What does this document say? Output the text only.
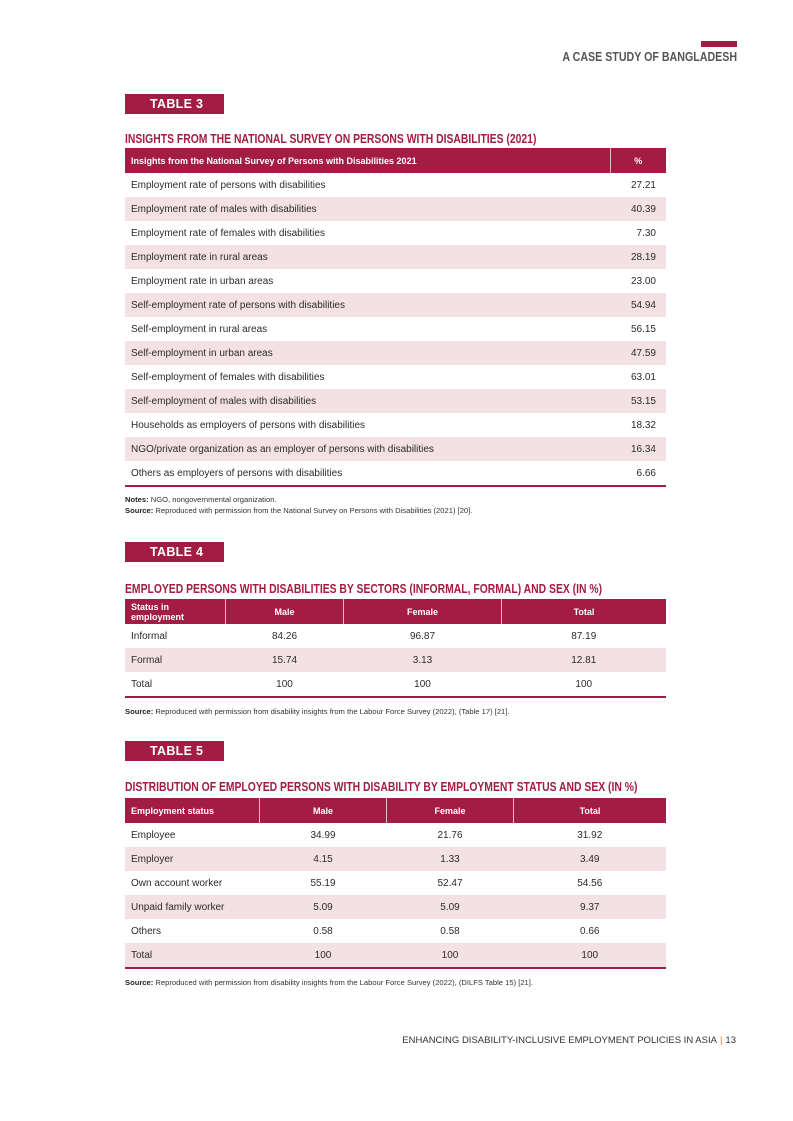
A CASE STUDY OF BANGLADESH
TABLE 3
INSIGHTS FROM THE NATIONAL SURVEY ON PERSONS WITH DISABILITIES (2021)
Insights from the National Survey of Persons with Disabilities 2021	%
Employment rate of persons with disabilities	27.21
Employment rate of males with disabilities	40.39
Employment rate of females with disabilities	7.30
Employment rate in rural areas	28.19
Employment rate in urban areas	23.00
Self-employment rate of persons with disabilities	54.94
Self-employment in rural areas	56.15
Self-employment in urban areas	47.59
Self-employment of females with disabilities	63.01
Self-employment of males with disabilities	53.15
Households as employers of persons with disabilities	18.32
NGO/private organization as an employer of persons with disabilities	16.34
Others as employers of persons with disabilities	6.66
Notes: NGO, nongovernmental organization.
Source: Reproduced with permission from the National Survey on Persons with Disabilities (2021) [20].
TABLE 4
EMPLOYED PERSONS WITH DISABILITIES BY SECTORS (INFORMAL, FORMAL) AND SEX (IN %)
Status in employment	Male	Female	Total
Informal	84.26	96.87	87.19
Formal	15.74	3.13	12.81
Total	100	100	100
Source: Reproduced with permission from disability insights from the Labour Force Survey (2022), (Table 17) [21].
TABLE 5
DISTRIBUTION OF EMPLOYED PERSONS WITH DISABILITY BY EMPLOYMENT STATUS AND SEX (IN %)
Employment status	Male	Female	Total
Employee	34.99	21.76	31.92
Employer	4.15	1.33	3.49
Own account worker	55.19	52.47	54.56
Unpaid family worker	5.09	5.09	9.37
Others	0.58	0.58	0.66
Total	100	100	100
Source: Reproduced with permission from disability insights from the Labour Force Survey (2022), (DILFS Table 15) [21].
ENHANCING DISABILITY-INCLUSIVE EMPLOYMENT POLICIES IN ASIA | 13
